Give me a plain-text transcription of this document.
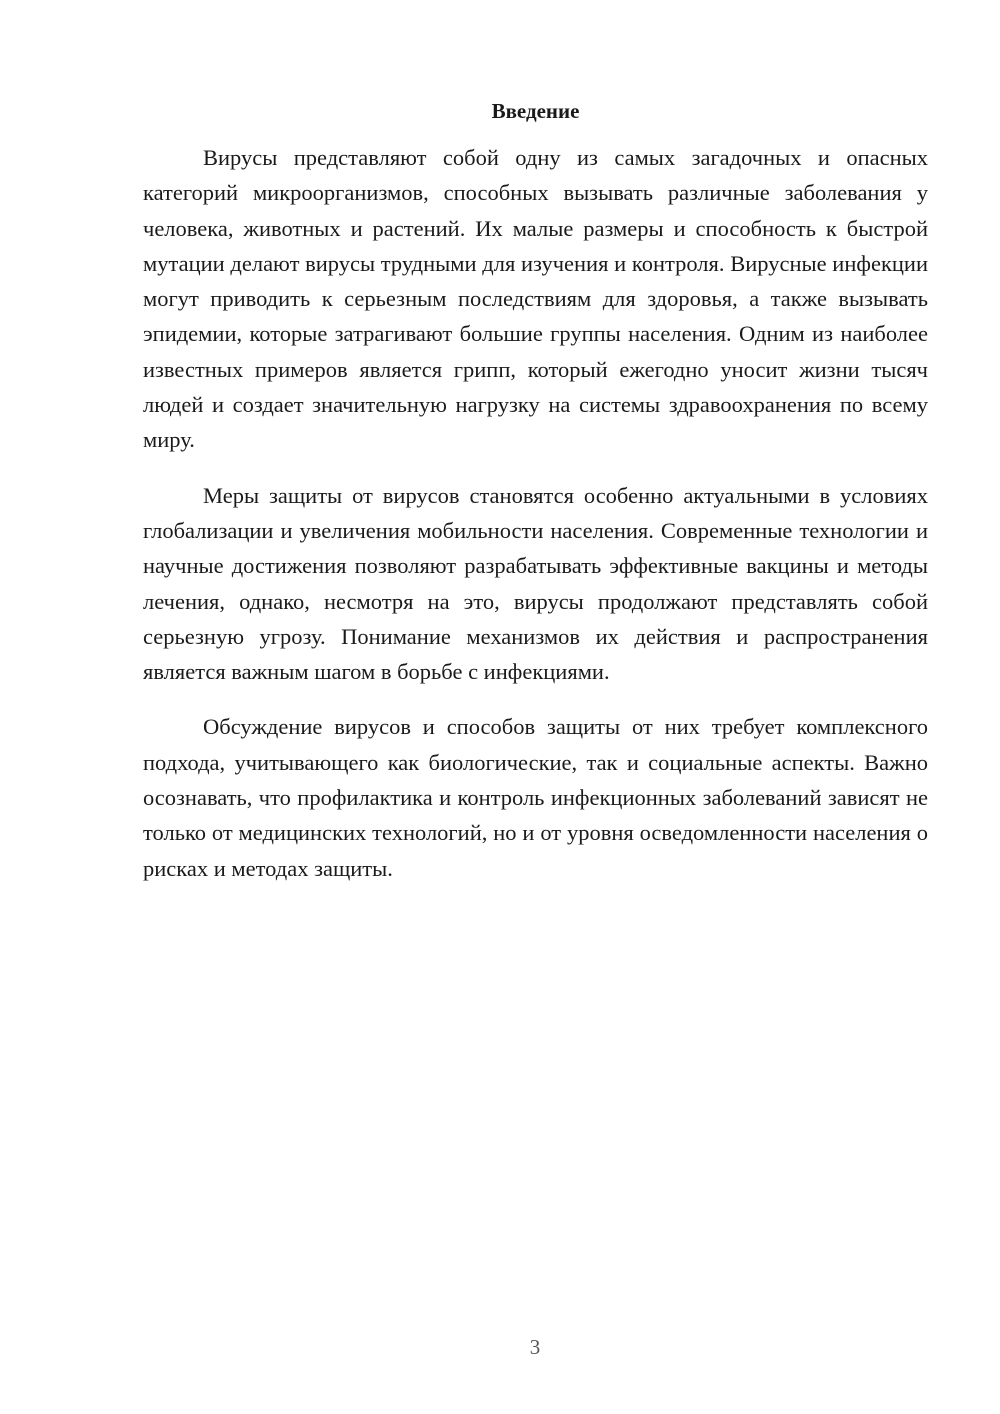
Введение

Вирусы представляют собой одну из самых загадочных и опасных категорий микроорганизмов, способных вызывать различные заболевания у человека, животных и растений. Их малые размеры и способность к быстрой мутации делают вирусы трудными для изучения и контроля. Вирусные инфекции могут приводить к серьезным последствиям для здоровья, а также вызывать эпидемии, которые затрагивают большие группы населения. Одним из наиболее известных примеров является грипп, который ежегодно уносит жизни тысяч людей и создает значительную нагрузку на системы здравоохранения по всему миру.

Меры защиты от вирусов становятся особенно актуальными в условиях глобализации и увеличения мобильности населения. Современные технологии и научные достижения позволяют разрабатывать эффективные вакцины и методы лечения, однако, несмотря на это, вирусы продолжают представлять собой серьезную угрозу. Понимание механизмов их действия и распространения является важным шагом в борьбе с инфекциями.

Обсуждение вирусов и способов защиты от них требует комплексного подхода, учитывающего как биологические, так и социальные аспекты. Важно осознавать, что профилактика и контроль инфекционных заболеваний зависят не только от медицинских технологий, но и от уровня осведомленности населения о рисках и методах защиты.

3
